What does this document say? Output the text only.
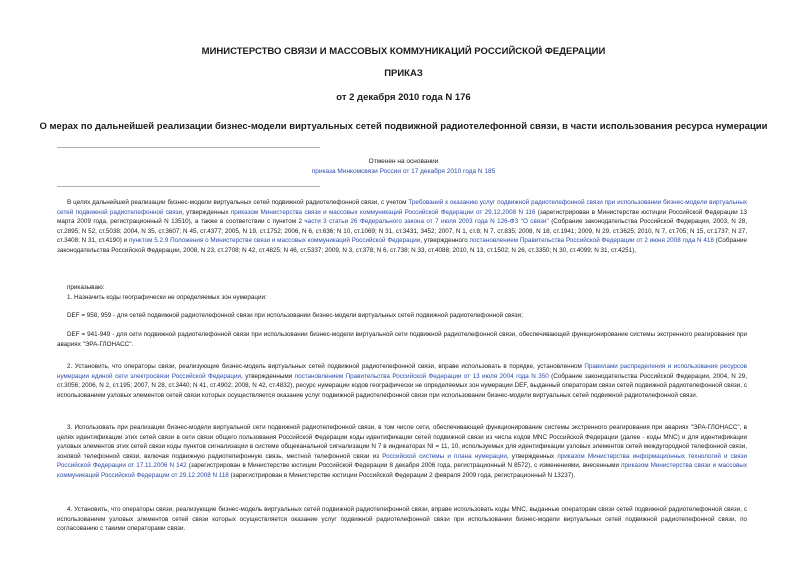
МИНИСТЕРСТВО СВЯЗИ И МАССОВЫХ КОММУНИКАЦИЙ РОССИЙСКОЙ ФЕДЕРАЦИИ

ПРИКАЗ

от 2 декабря 2010 года N 176

О мерах по дальнейшей реализации бизнес-модели виртуальных сетей подвижной радиотелефонной связи, в части использования ресурса нумерации

Отменен на основании

приказа Минкомсвязи России от 17 декабря 2010 года N 185

В целях дальнейшей реализации бизнес-модели виртуальных сетей подвижной радиотелефонной связи, с учетом Требований к оказанию услуг подвижной радиотелефонной связи при использовании бизнес-модели виртуальных сетей подвижной радиотелефонной связи, утвержденных приказом Министерства связи и массовых коммуникаций Российской Федерации от 29.12.2008 N 116 (зарегистрирован в Министерстве юстиции Российской Федерации 13 марта 2009 года, регистрационный N 13510), а также в соответствии с пунктом 2 части 3 статьи 26 Федерального закона от 7 июля 2003 года N 126-ФЗ "О связи" (Собрание законодательства Российской Федерации, 2003, N 28, ст.2895; N 52, ст.5038; 2004, N 35, ст.3607; N 45, ст.4377; 2005, N 19, ст.1752; 2006, N 6, ст.636; N 10, ст.1069; N 31, ст.3431, 3452; 2007, N 1, ст.8; N 7, ст.835; 2008, N 18, ст.1941; 2009, N 29, ст.3625; 2010, N 7, ст.705; N 15, ст.1737; N 27, ст.3408; N 31, ст.4190) и пунктом 5.2.9 Положения о Министерстве связи и массовых коммуникаций Российской Федерации, утвержденного постановлением Правительства Российской Федерации от 2 июня 2008 года N 418 (Собрание законодательства Российской Федерации, 2008, N 23, ст.2708; N 42, ст.4825; N 46, ст.5337; 2009, N 3, ст.378; N 6, ст.738; N 33, ст.4088; 2010, N 13, ст.1502; N 26, ст.3350; N 30, ст.4099; N 31, ст.4251),

приказываю:

1. Назначить коды географически не определяемых зон нумерации:

DEF = 958, 959 - для сетей подвижной радиотелефонной связи при использовании бизнес-модели виртуальных сетей подвижной радиотелефонной связи;

DEF = 941-949 - для сети подвижной радиотелефонной связи при использовании бизнес-модели виртуальной сети подвижной радиотелефонной связи, обеспечивающей функционирование системы экстренного реагирования при авариях "ЭРА-ГЛОНАСС".

2. Установить, что операторы связи, реализующие бизнес-модель виртуальных сетей подвижной радиотелефонной связи, вправе использовать в порядке, установленном Правилами распределения и использования ресурсов нумерации единой сети электросвязи Российской Федерации, утвержденными постановлением Правительства Российской Федерации от 13 июля 2004 года N 350 (Собрание законодательства Российской Федерации, 2004, N 29, ст.3056; 2006, N 2, ст.195; 2007, N 28, ст.3440; N 41, ст.4902; 2008, N 42, ст.4832), ресурс нумерации кодов географически не определяемых зон нумерации DEF, выданный операторам связи сетей подвижной радиотелефонной связи, с использованием узловых элементов сетей связи которых осуществляется оказание услуг подвижной радиотелефонной связи при использовании бизнес-модели виртуальных сетей подвижной радиотелефонной связи.

3. Использовать при реализации бизнес-модели виртуальной сети подвижной радиотелефонной связи, в том числе сети, обеспечивающей функционирование системы экстренного реагирования при авариях "ЭРА-ГЛОНАСС", в целях идентификации этих сетей связи в сети связи общего пользования Российской Федерации коды идентификации сетей подвижной связи из числа кодов MNC Российской Федерации (далее - коды MNC) и для идентификации узловых элементов этих сетей связи коды пунктов сигнализации в системе общеканальной сигнализации N 7 в индикаторах NI = 11, 10, используемых для идентификации узловых элементов сетей междугородной телефонной связи, зоновой телефонной связи, включая подвижную радиотелефонную связь, местной телефонной связи из Российской системы и плана нумерации, утвержденных приказом Министерства информационных технологий и связи Российской Федерации от 17.11.2006 N 142 (зарегистрирован в Министерстве юстиции Российской Федерации 8 декабря 2006 года, регистрационный N 8572), с изменениями, внесенными приказом Министерства связи и массовых коммуникаций Российской Федерации от 29.12.2008 N 118 (зарегистрирован в Министерстве юстиции Российской Федерации 2 февраля 2009 года, регистрационный N 13237).

4. Установить, что операторы связи, реализующие бизнес-модель виртуальных сетей подвижной радиотелефонной связи, вправе использовать коды MNC, выданные операторам связи сетей подвижной радиотелефонной связи, с использованием узловых элементов сетей связи которых осуществляется оказание услуг подвижной радиотелефонной связи при использовании бизнес-модели виртуальных сетей подвижной радиотелефонной связи, по согласованию с такими операторами связи.
